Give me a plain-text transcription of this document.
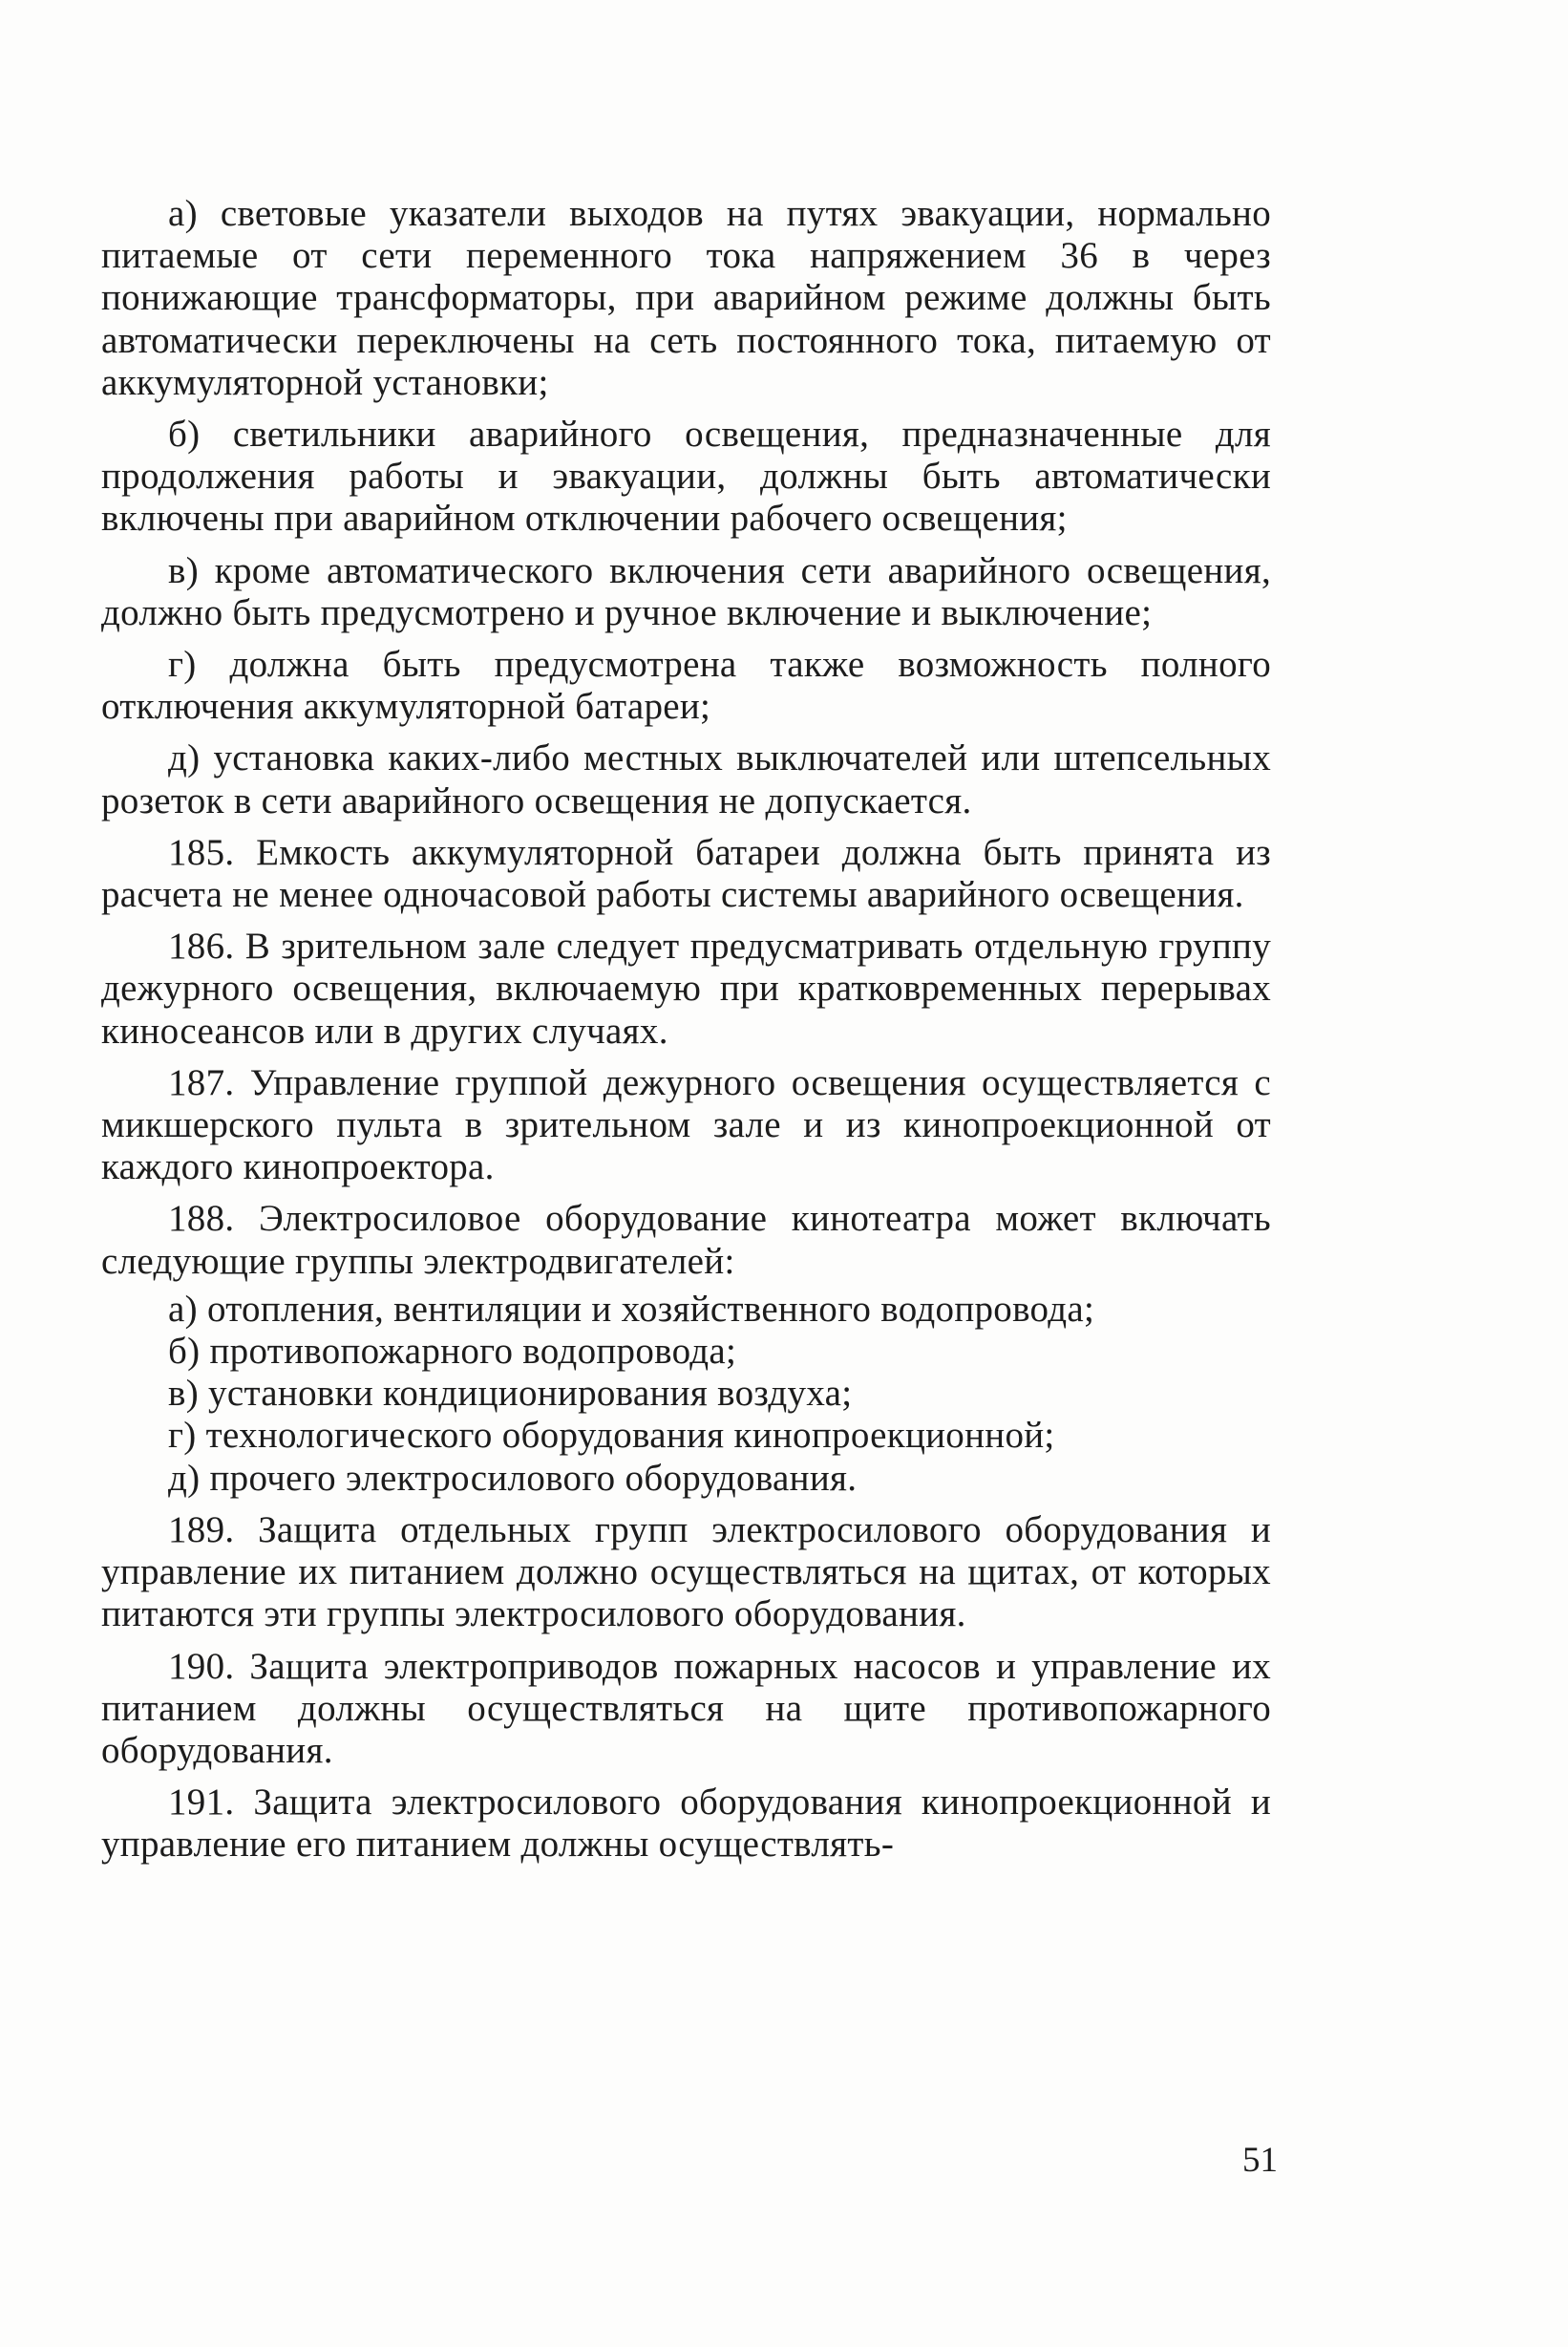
а) световые указатели выходов на путях эвакуации, нормально питаемые от сети переменного тока напряжением 36 в через понижающие трансформаторы, при аварийном режиме должны быть автоматически переключены на сеть постоянного тока, питаемую от аккумуляторной установки;

б) светильники аварийного освещения, предназначенные для продолжения работы и эвакуации, должны быть автоматически включены при аварийном отключении рабочего освещения;

в) кроме автоматического включения сети аварийного освещения, должно быть предусмотрено и ручное включение и выключение;

г) должна быть предусмотрена также возможность полного отключения аккумуляторной батареи;

д) установка каких-либо местных выключателей или штепсельных розеток в сети аварийного освещения не допускается.

185. Емкость аккумуляторной батареи должна быть принята из расчета не менее одночасовой работы системы аварийного освещения.

186. В зрительном зале следует предусматривать отдельную группу дежурного освещения, включаемую при кратковременных перерывах киносеансов или в других случаях.

187. Управление группой дежурного освещения осуществляется с микшерского пульта в зрительном зале и из кинопроекционной от каждого кинопроектора.

188. Электросиловое оборудование кинотеатра может включать следующие группы электродвигателей:

а) отопления, вентиляции и хозяйственного водопровода;

б) противопожарного водопровода;

в) установки кондиционирования воздуха;

г) технологического оборудования кинопроекционной;

д) прочего электросилового оборудования.

189. Защита отдельных групп электросилового оборудования и управление их питанием должно осуществляться на щитах, от которых питаются эти группы электросилового оборудования.

190. Защита электроприводов пожарных насосов и управление их питанием должны осуществляться на щите противопожарного оборудования.

191. Защита электросилового оборудования кинопроекционной и управление его питанием должны осуществлять-

51
